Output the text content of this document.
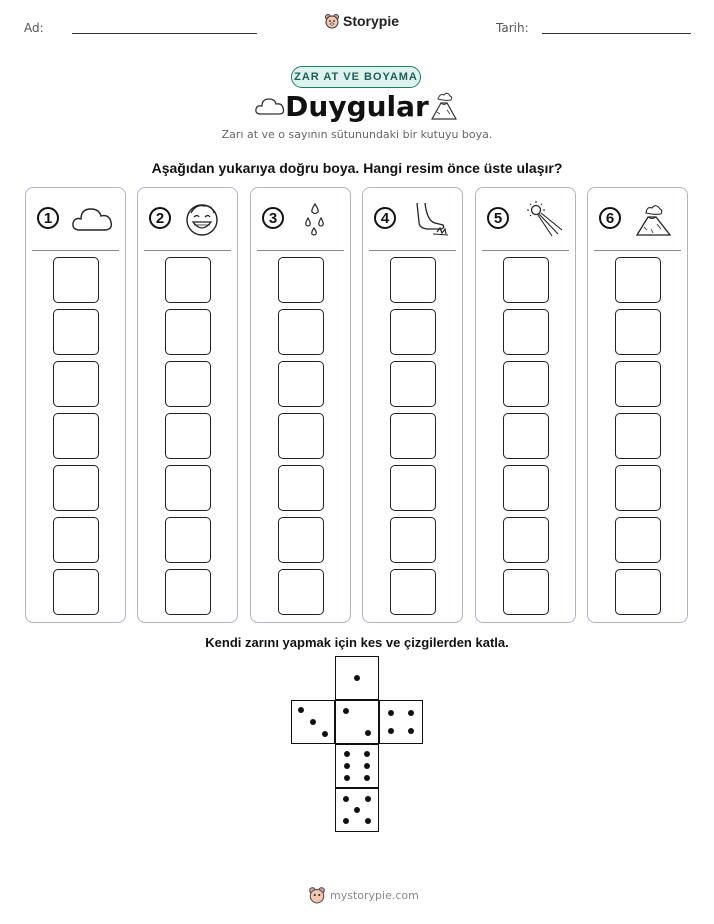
Ad:	Storypie	Tarih:
ZAR AT VE BOYAMA
Duygular
Zarı at ve o sayının sütunundaki bir kutuyu boya.
Aşağıdan yukarıya doğru boya. Hangi resim önce üste ulaşır?
1	2	3	4	5	6
Kendi zarını yapmak için kes ve çizgilerden katla.
mystorypie.com
